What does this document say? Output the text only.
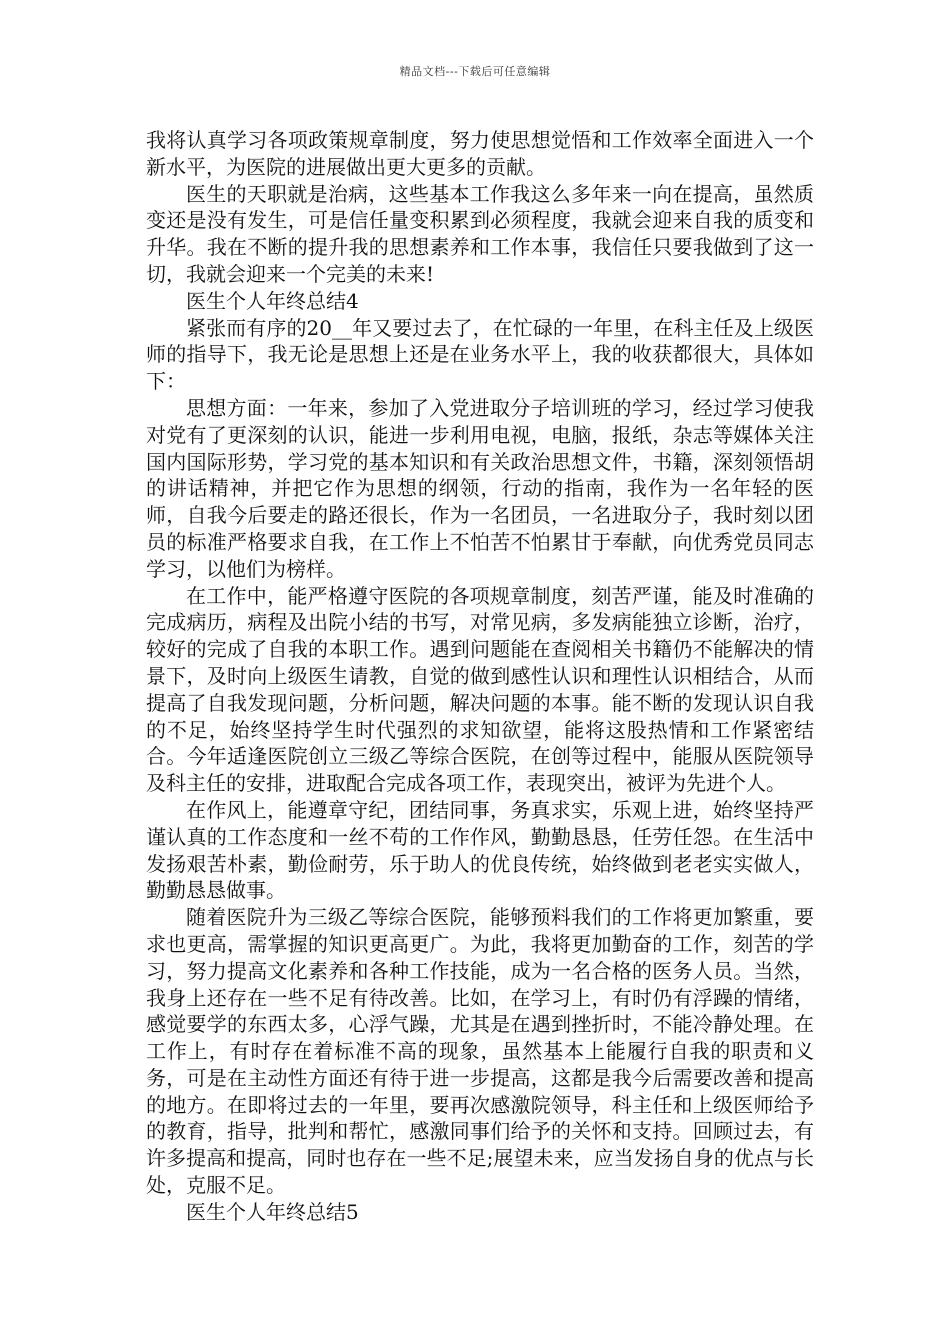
精品文档---下载后可任意编辑

我将认真学习各项政策规章制度，努力使思想觉悟和工作效率全面进入一个新水平，为医院的进展做出更大更多的贡献。

医生的天职就是治病，这些基本工作我这么多年来一向在提高，虽然质变还是没有发生，可是信任量变积累到必须程度，我就会迎来自我的质变和升华。我在不断的提升我的思想素养和工作本事，我信任只要我做到了这一切，我就会迎来一个完美的未来!

医生个人年终总结4

紧张而有序的20__年又要过去了，在忙碌的一年里，在科主任及上级医师的指导下，我无论是思想上还是在业务水平上，我的收获都很大，具体如下：

思想方面：一年来，参加了入党进取分子培训班的学习，经过学习使我对党有了更深刻的认识，能进一步利用电视，电脑，报纸，杂志等媒体关注国内国际形势，学习党的基本知识和有关政治思想文件，书籍，深刻领悟胡的讲话精神，并把它作为思想的纲领，行动的指南，我作为一名年轻的医师，自我今后要走的路还很长，作为一名团员，一名进取分子，我时刻以团员的标准严格要求自我，在工作上不怕苦不怕累甘于奉献，向优秀党员同志学习，以他们为榜样。

在工作中，能严格遵守医院的各项规章制度，刻苦严谨，能及时准确的完成病历，病程及出院小结的书写，对常见病，多发病能独立诊断，治疗，较好的完成了自我的本职工作。遇到问题能在查阅相关书籍仍不能解决的情景下，及时向上级医生请教，自觉的做到感性认识和理性认识相结合，从而提高了自我发现问题，分析问题，解决问题的本事。能不断的发现认识自我的不足，始终坚持学生时代强烈的求知欲望，能将这股热情和工作紧密结合。今年适逢医院创立三级乙等综合医院，在创等过程中，能服从医院领导及科主任的安排，进取配合完成各项工作，表现突出，被评为先进个人。

在作风上，能遵章守纪，团结同事，务真求实，乐观上进，始终坚持严谨认真的工作态度和一丝不苟的工作作风，勤勤恳恳，任劳任怨。在生活中发扬艰苦朴素，勤俭耐劳，乐于助人的优良传统，始终做到老老实实做人，勤勤恳恳做事。

随着医院升为三级乙等综合医院，能够预料我们的工作将更加繁重，要求也更高，需掌握的知识更高更广。为此，我将更加勤奋的工作，刻苦的学习，努力提高文化素养和各种工作技能，成为一名合格的医务人员。当然，我身上还存在一些不足有待改善。比如，在学习上，有时仍有浮躁的情绪，感觉要学的东西太多，心浮气躁，尤其是在遇到挫折时，不能冷静处理。在工作上，有时存在着标准不高的现象，虽然基本上能履行自我的职责和义务，可是在主动性方面还有待于进一步提高，这都是我今后需要改善和提高的地方。在即将过去的一年里，要再次感激院领导，科主任和上级医师给予的教育，指导，批判和帮忙，感激同事们给予的关怀和支持。回顾过去，有许多提高和提高，同时也存在一些不足;展望未来，应当发扬自身的优点与长处，克服不足。

医生个人年终总结5
